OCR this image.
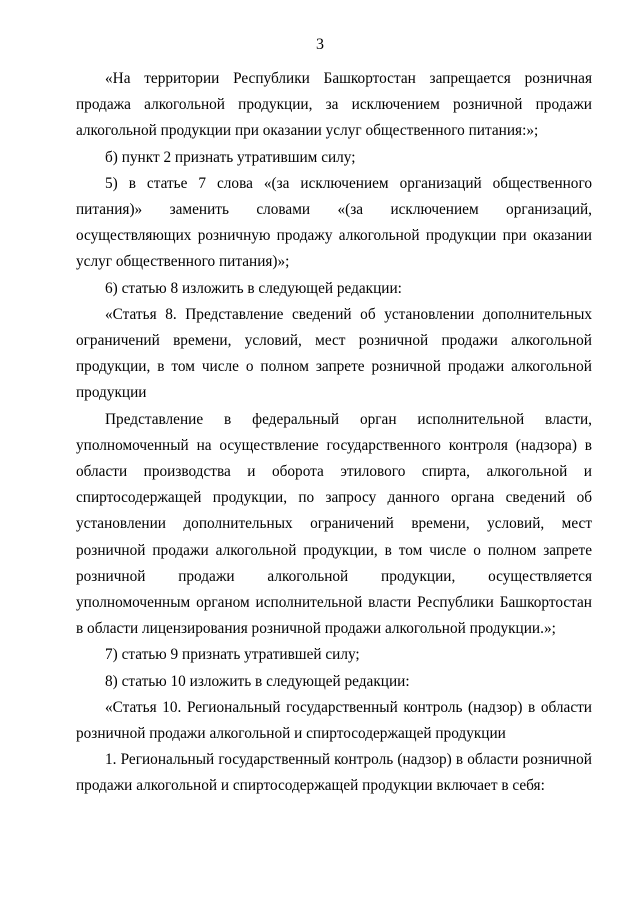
3

«На территории Республики Башкортостан запрещается розничная продажа алкогольной продукции, за исключением розничной продажи алкогольной продукции при оказании услуг общественного питания:»;

б) пункт 2 признать утратившим силу;

5) в статье 7 слова «(за исключением организаций общественного питания)» заменить словами «(за исключением организаций, осуществляющих розничную продажу алкогольной продукции при оказании услуг общественного питания)»;

6) статью 8 изложить в следующей редакции:

«Статья 8. Представление сведений об установлении дополнительных ограничений времени, условий, мест розничной продажи алкогольной продукции, в том числе о полном запрете розничной продажи алкогольной продукции

Представление в федеральный орган исполнительной власти, уполномоченный на осуществление государственного контроля (надзора) в области производства и оборота этилового спирта, алкогольной и спиртосодержащей продукции, по запросу данного органа сведений об установлении дополнительных ограничений времени, условий, мест розничной продажи алкогольной продукции, в том числе о полном запрете розничной продажи алкогольной продукции, осуществляется уполномоченным органом исполнительной власти Республики Башкортостан в области лицензирования розничной продажи алкогольной продукции.»;

7) статью 9 признать утратившей силу;

8) статью 10 изложить в следующей редакции:

«Статья 10. Региональный государственный контроль (надзор) в области розничной продажи алкогольной и спиртосодержащей продукции

1. Региональный государственный контроль (надзор) в области розничной продажи алкогольной и спиртосодержащей продукции включает в себя:
